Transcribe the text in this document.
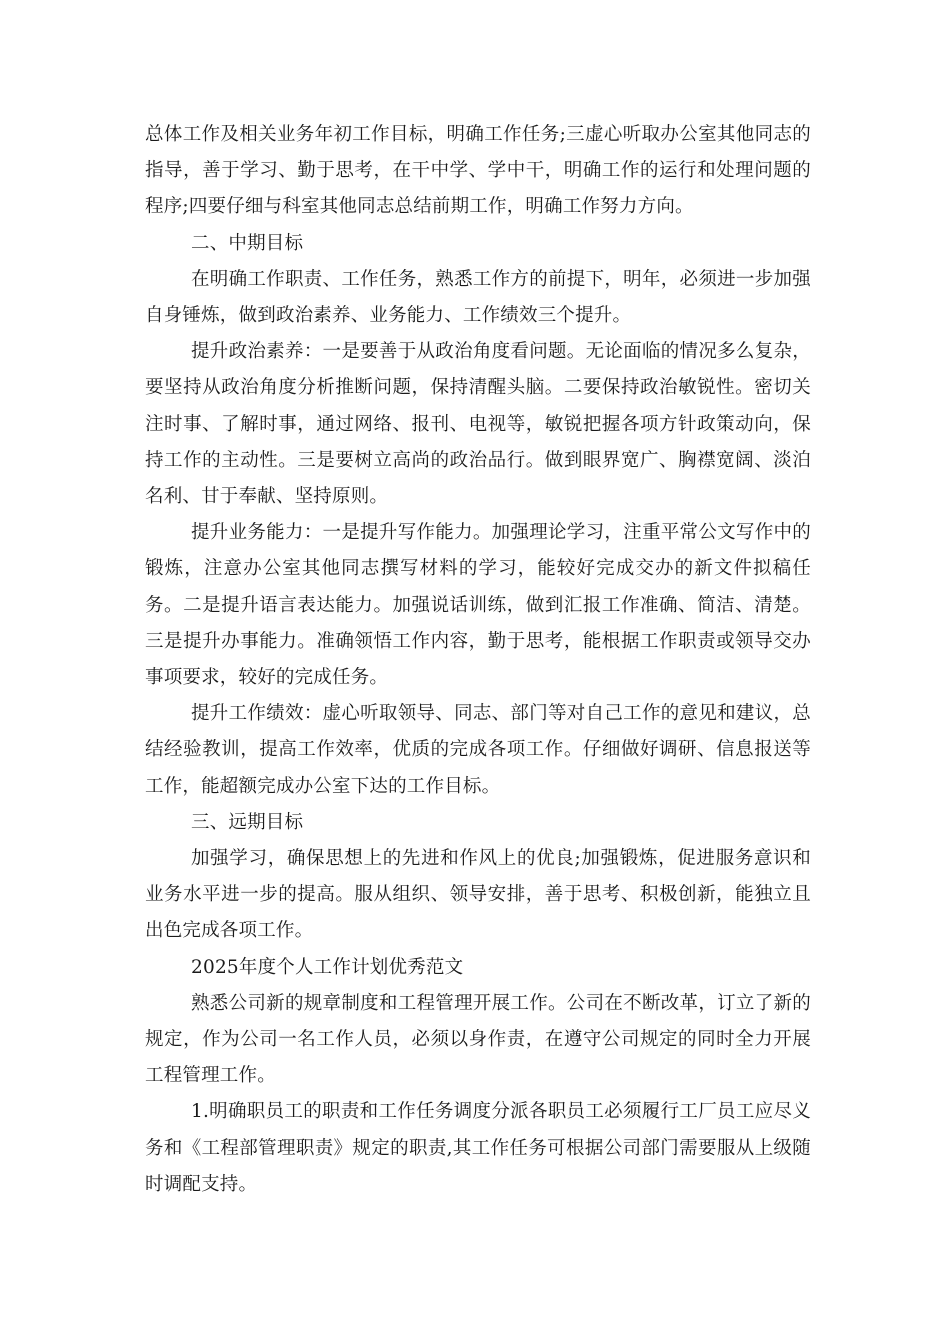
总体工作及相关业务年初工作目标，明确工作任务;三虚心听取办公室其他同志的指导，善于学习、勤于思考，在干中学、学中干，明确工作的运行和处理问题的程序;四要仔细与科室其他同志总结前期工作，明确工作努力方向。

二、中期目标

在明确工作职责、工作任务，熟悉工作方的前提下，明年，必须进一步加强自身锤炼，做到政治素养、业务能力、工作绩效三个提升。

提升政治素养：一是要善于从政治角度看问题。无论面临的情况多么复杂，要坚持从政治角度分析推断问题，保持清醒头脑。二要保持政治敏锐性。密切关注时事、了解时事，通过网络、报刊、电视等，敏锐把握各项方针政策动向，保持工作的主动性。三是要树立高尚的政治品行。做到眼界宽广、胸襟宽阔、淡泊名利、甘于奉献、坚持原则。

提升业务能力：一是提升写作能力。加强理论学习，注重平常公文写作中的锻炼，注意办公室其他同志撰写材料的学习，能较好完成交办的新文件拟稿任务。二是提升语言表达能力。加强说话训练，做到汇报工作准确、简洁、清楚。三是提升办事能力。准确领悟工作内容，勤于思考，能根据工作职责或领导交办事项要求，较好的完成任务。

提升工作绩效：虚心听取领导、同志、部门等对自己工作的意见和建议，总结经验教训，提高工作效率，优质的完成各项工作。仔细做好调研、信息报送等工作，能超额完成办公室下达的工作目标。

三、远期目标

加强学习，确保思想上的先进和作风上的优良;加强锻炼，促进服务意识和业务水平进一步的提高。服从组织、领导安排，善于思考、积极创新，能独立且出色完成各项工作。

2025年度个人工作计划优秀范文

熟悉公司新的规章制度和工程管理开展工作。公司在不断改革，订立了新的规定，作为公司一名工作人员，必须以身作责，在遵守公司规定的同时全力开展工程管理工作。

1.明确职员工的职责和工作任务调度分派各职员工必须履行工厂员工应尽义务和《工程部管理职责》规定的职责,其工作任务可根据公司部门需要服从上级随时调配支持。
